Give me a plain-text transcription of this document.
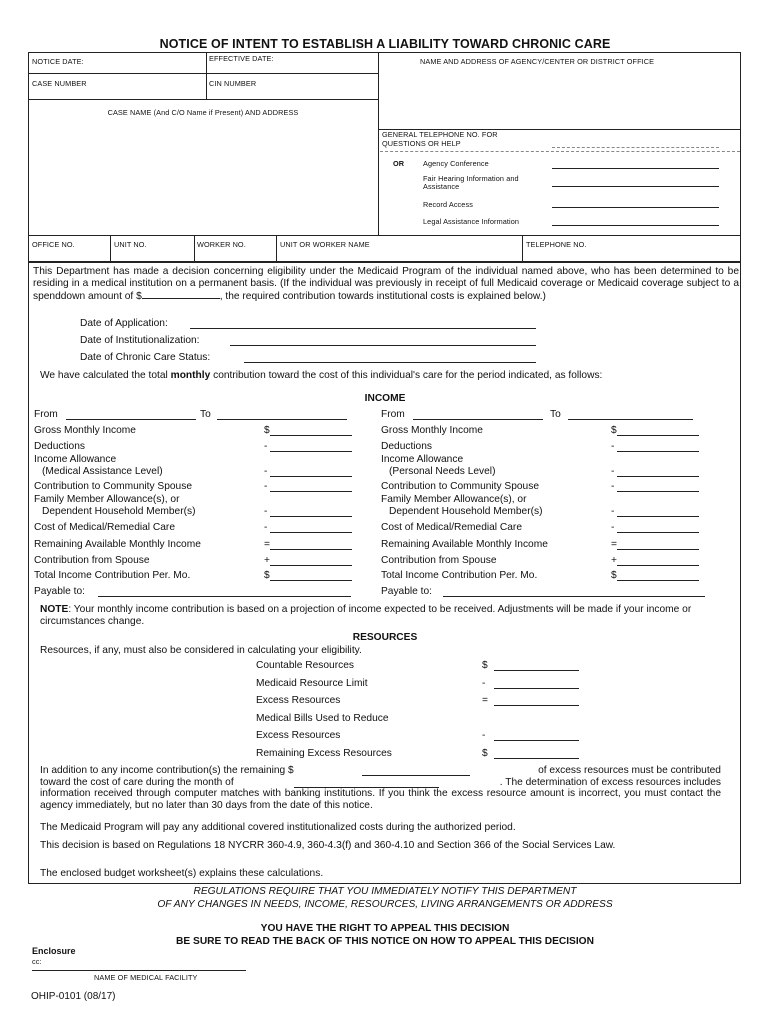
NOTICE OF INTENT TO ESTABLISH A LIABILITY TOWARD CHRONIC CARE
NOTICE DATE:	EFFECTIVE DATE:	NAME AND ADDRESS OF AGENCY/CENTER OR DISTRICT OFFICE
CASE NUMBER	CIN NUMBER
CASE NAME (And C/O Name if Present) AND ADDRESS
GENERAL TELEPHONE NO. FOR QUESTIONS OR HELP
OR	Agency Conference
Fair Hearing Information and Assistance
Record Access
Legal Assistance Information
OFFICE NO.	UNIT NO.	WORKER NO.	UNIT OR WORKER NAME	TELEPHONE NO.
This Department has made a decision concerning eligibility under the Medicaid Program of the individual named above, who has been determined to be residing in a medical institution on a permanent basis. (If the individual was previously in receipt of full Medicaid coverage or Medicaid coverage subject to a spenddown amount of $	, the required contribution towards institutional costs is explained below.)
Date of Application:
Date of Institutionalization:
Date of Chronic Care Status:
We have calculated the total monthly contribution toward the cost of this individual's care for the period indicated, as follows:
INCOME
From	To	From	To
Gross Monthly Income	$
Deductions	-
Income Allowance
(Medical Assistance Level)	-
Contribution to Community Spouse	-
Family Member Allowance(s), or
Dependent Household Member(s)	-
Cost of Medical/Remedial Care	-
Remaining Available Monthly Income	=
Contribution from Spouse	+
Total Income Contribution Per. Mo.	$
Gross Monthly Income	$
Deductions	-
Income Allowance
(Personal Needs Level)	-
Contribution to Community Spouse	-
Family Member Allowance(s), or
Dependent Household Member(s)	-
Cost of Medical/Remedial Care	-
Remaining Available Monthly Income	=
Contribution from Spouse	+
Total Income Contribution Per. Mo.	$
Payable to:	Payable to:
NOTE: Your monthly income contribution is based on a projection of income expected to be received. Adjustments will be made if your income or circumstances change.
RESOURCES
Resources, if any, must also be considered in calculating your eligibility.
Countable Resources	$
Medicaid Resource Limit	-
Excess Resources	=
Medical Bills Used to Reduce
Excess Resources	-
Remaining Excess Resources	$
In addition to any income contribution(s) the remaining $	of excess resources must be contributed
toward the cost of care during the month of	. The determination of excess resources includes
information received through computer matches with banking institutions. If you think the excess resource amount is incorrect, you must contact the agency immediately, but no later than 30 days from the date of this notice.
The Medicaid Program will pay any additional covered institutionalized costs during the authorized period.
This decision is based on Regulations 18 NYCRR 360-4.9, 360-4.3(f) and 360-4.10 and Section 366 of the Social Services Law.
The enclosed budget worksheet(s) explains these calculations.
REGULATIONS REQUIRE THAT YOU IMMEDIATELY NOTIFY THIS DEPARTMENT
OF ANY CHANGES IN NEEDS, INCOME, RESOURCES, LIVING ARRANGEMENTS OR ADDRESS
YOU HAVE THE RIGHT TO APPEAL THIS DECISION
BE SURE TO READ THE BACK OF THIS NOTICE ON HOW TO APPEAL THIS DECISION
Enclosure
cc:
NAME OF MEDICAL FACILITY
OHIP-0101 (08/17)
